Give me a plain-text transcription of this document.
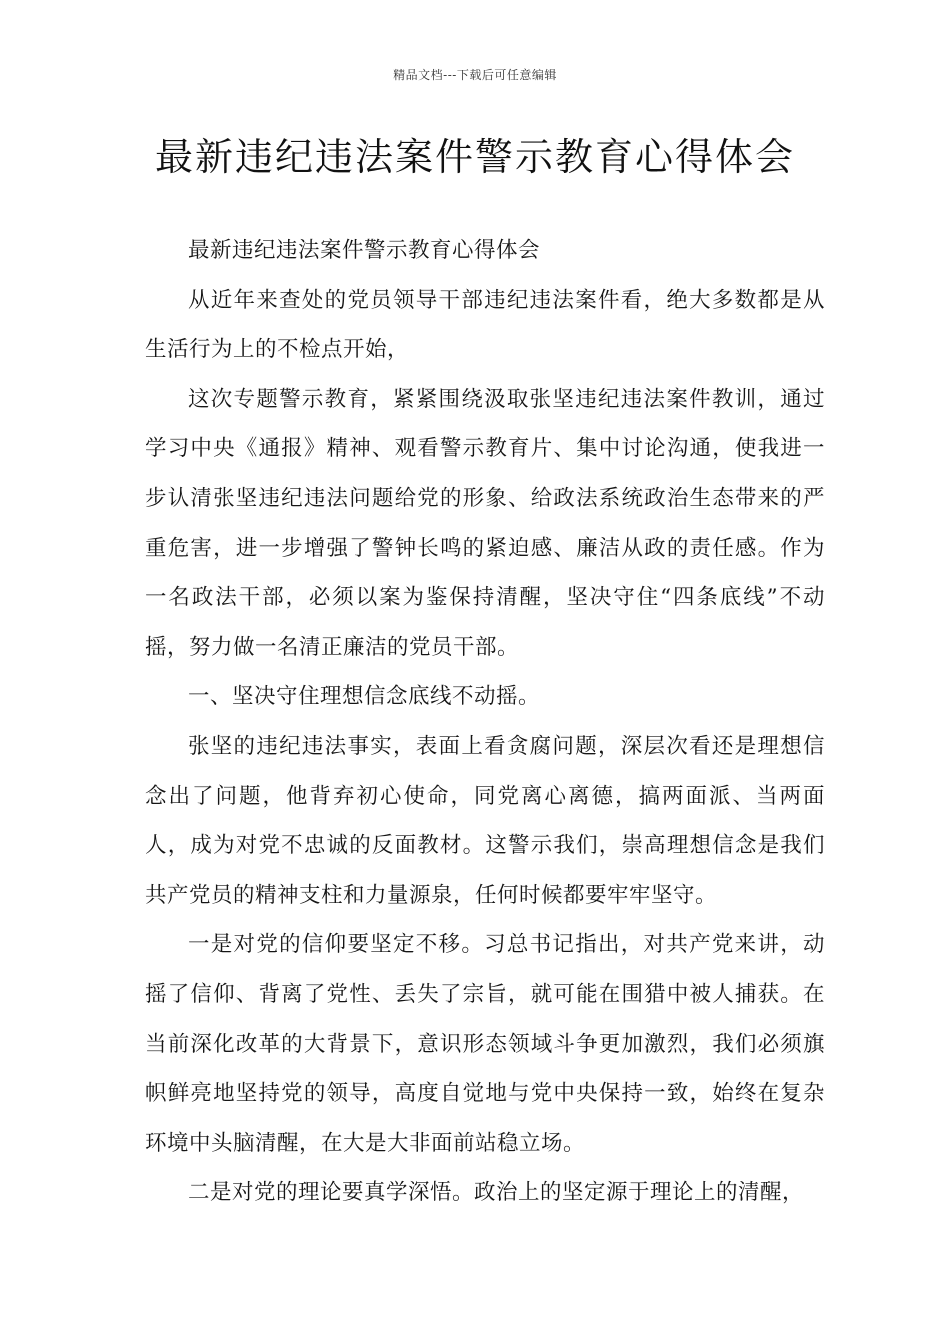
精品文档---下载后可任意编辑
最新违纪违法案件警示教育心得体会

最新违纪违法案件警示教育心得体会

从近年来查处的党员领导干部违纪违法案件看，绝大多数都是从生活行为上的不检点开始，

这次专题警示教育，紧紧围绕汲取张坚违纪违法案件教训，通过学习中央《通报》精神、观看警示教育片、集中讨论沟通，使我进一步认清张坚违纪违法问题给党的形象、给政法系统政治生态带来的严重危害，进一步增强了警钟长鸣的紧迫感、廉洁从政的责任感。作为一名政法干部，必须以案为鉴保持清醒，坚决守住“四条底线”不动摇，努力做一名清正廉洁的党员干部。

一、坚决守住理想信念底线不动摇。

张坚的违纪违法事实，表面上看贪腐问题，深层次看还是理想信念出了问题，他背弃初心使命，同党离心离德，搞两面派、当两面人，成为对党不忠诚的反面教材。这警示我们，崇高理想信念是我们共产党员的精神支柱和力量源泉，任何时候都要牢牢坚守。

一是对党的信仰要坚定不移。习总书记指出，对共产党来讲，动摇了信仰、背离了党性、丢失了宗旨，就可能在围猎中被人捕获。在当前深化改革的大背景下，意识形态领域斗争更加激烈，我们必须旗帜鲜亮地坚持党的领导，高度自觉地与党中央保持一致，始终在复杂环境中头脑清醒，在大是大非面前站稳立场。

二是对党的理论要真学深悟。政治上的坚定源于理论上的清醒，
